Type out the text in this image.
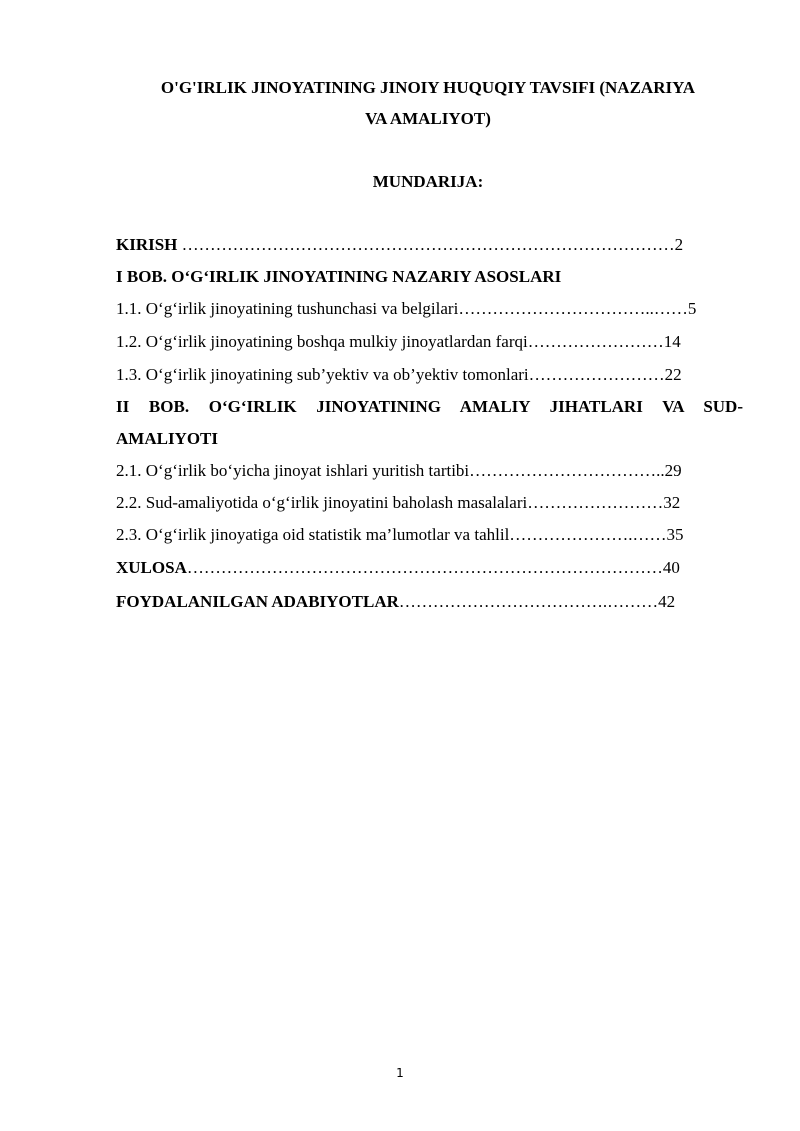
O'G'IRLIK JINOYATINING JINOIY HUQUQIY TAVSIFI (NAZARIYA
VA AMALIYOT)
MUNDARIJA:
KIRISH ……………………………………………………………………………2
I BOB. O‘G‘IRLIK JINOYATINING NAZARIY ASOSLARI
1.1. O‘g‘irlik jinoyatining tushunchasi va belgilari……………………………..……5
1.2. O‘g‘irlik jinoyatining boshqa mulkiy jinoyatlardan farqi……………………14
1.3. O‘g‘irlik jinoyatining sub’yektiv va ob’yektiv tomonlari……………………22
II BOB. O‘G‘IRLIK JINOYATINING AMALIY JIHATLARI VA SUD-
AMALIYOTI
2.1. O‘g‘irlik bo‘yicha jinoyat ishlari yuritish tartibi……………………………..29
2.2. Sud-amaliyotida o‘g‘irlik jinoyatini baholash masalalari……………………32
2.3. O‘g‘irlik jinoyatiga oid statistik ma’lumotlar va tahlil………………….……35
XULOSA…………………………………………………………………………40
FOYDALANILGAN ADABIYOTLAR……………………………….………42
1
